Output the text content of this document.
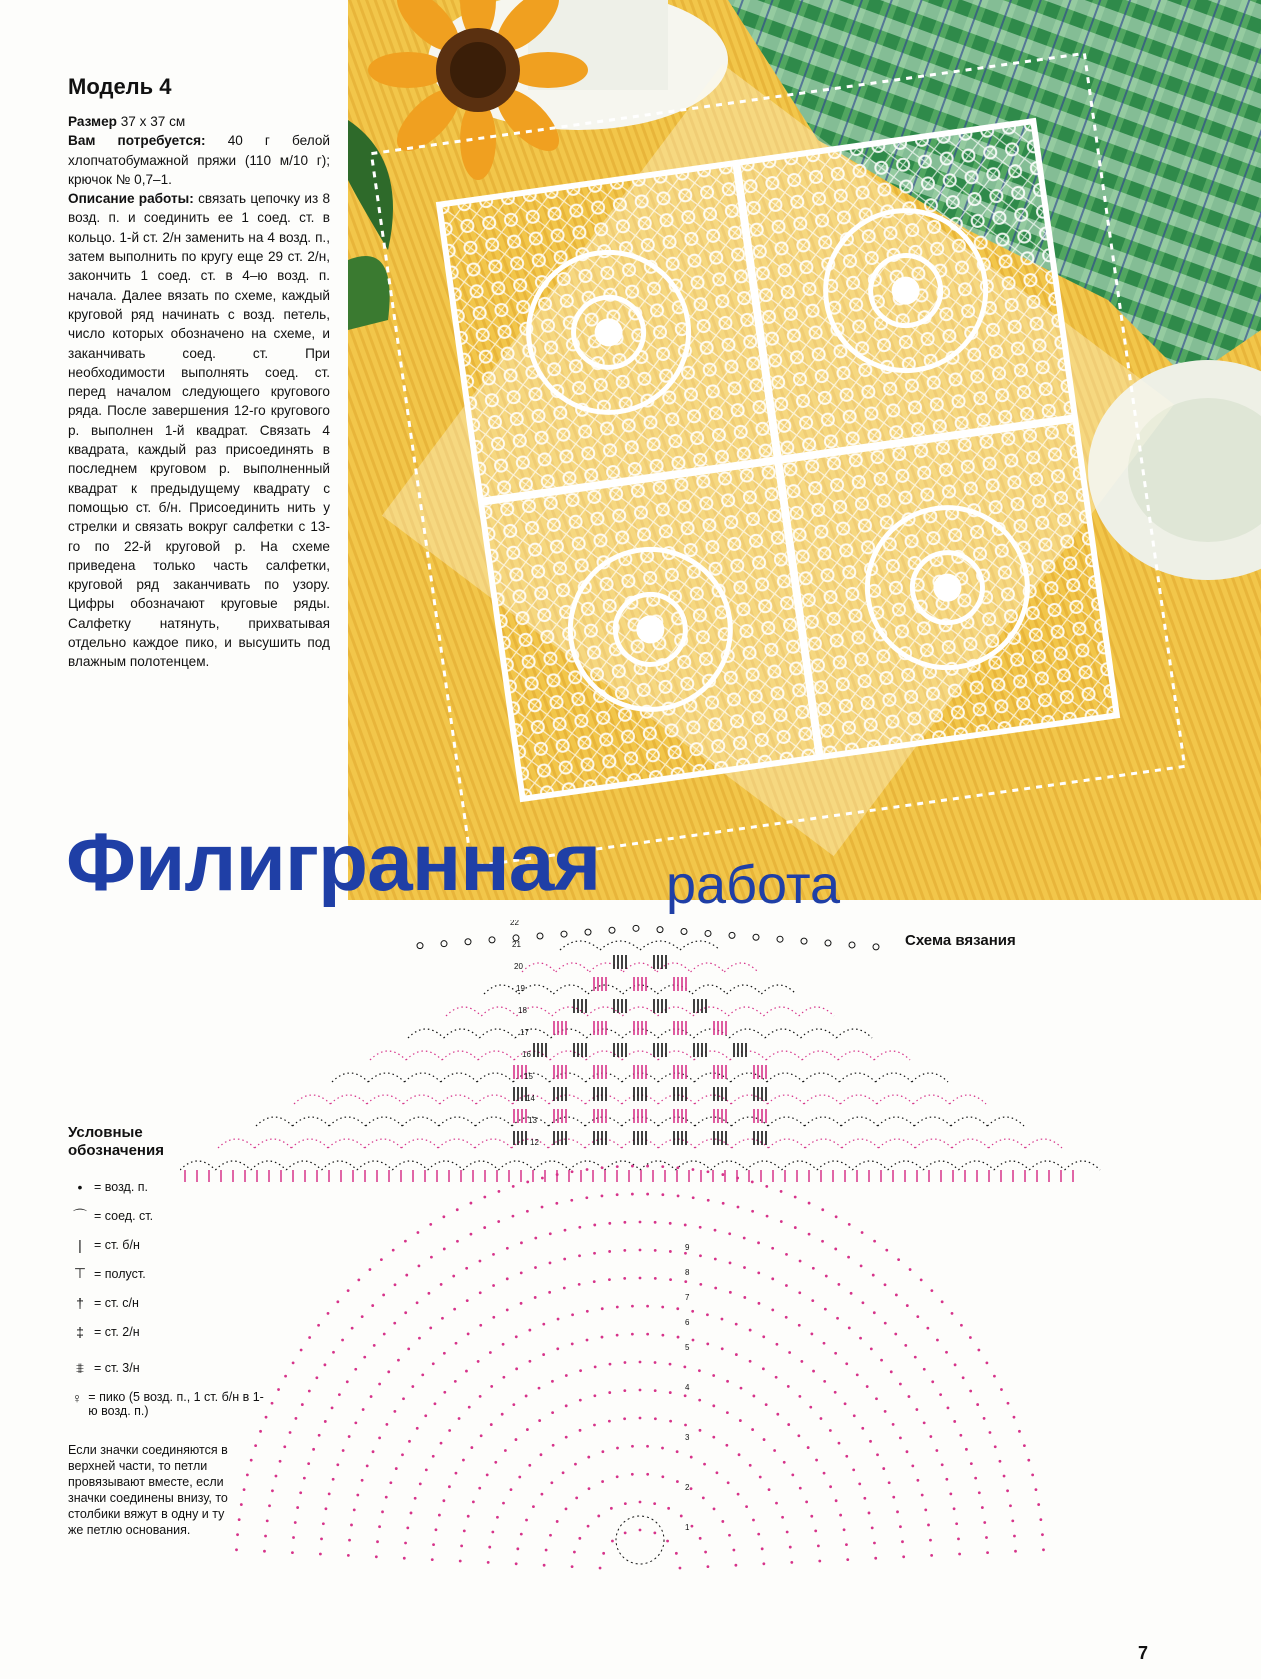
Модель 4

Размер 37 х 37 см
Вам потребуется: 40 г белой хлопчатобумажной пряжи (110 м/10 г); крючок № 0,7–1.
Описание работы: связать цепочку из 8 возд. п. и соединить ее 1 соед. ст. в кольцо. 1-й ст. 2/н заменить на 4 возд. п., затем выполнить по кругу еще 29 ст. 2/н, закончить 1 соед. ст. в 4–ю возд. п. начала. Далее вязать по схеме, каждый круговой ряд начинать с возд. петель, число которых обозначено на схеме, и заканчивать соед. ст. При необходимости выполнять соед. ст. перед началом следующего кругового ряда. После завершения 12-го кругового р. выполнен 1-й квадрат. Связать 4 квадрата, каждый раз присоединять в последнем круговом р. выполненный квадрат к предыдущему квадрату с помощью ст. б/н. Присоединить нить у стрелки и связать вокруг салфетки с 13-го по 22-й круговой р. На схеме приведена только часть салфетки, круговой ряд заканчивать по узору. Цифры обозначают круговые ряды. Салфетку натянуть, прихватывая отдельно каждое пико, и высушить под влажным полотенцем.

Филигранная работа
Схема вязания
Условные
обозначения
• = возд. п.
⌒ = соед. ст.
| = ст. б/н
⊤ = полуст.
† = ст. с/н
‡ = ст. 2/н
⩨ = ст. 3/н
♀ = пико (5 возд. п., 1 ст. б/н в 1-ю возд. п.)
Если значки соединяются в верхней части, то петли провязывают вместе, если значки соединены внизу, то столбики вяжут в одну и ту же петлю основания.
22
21
20
19
18
17
16
15
14
13
12
9
8
7
6
5
4
3
2
1
7
